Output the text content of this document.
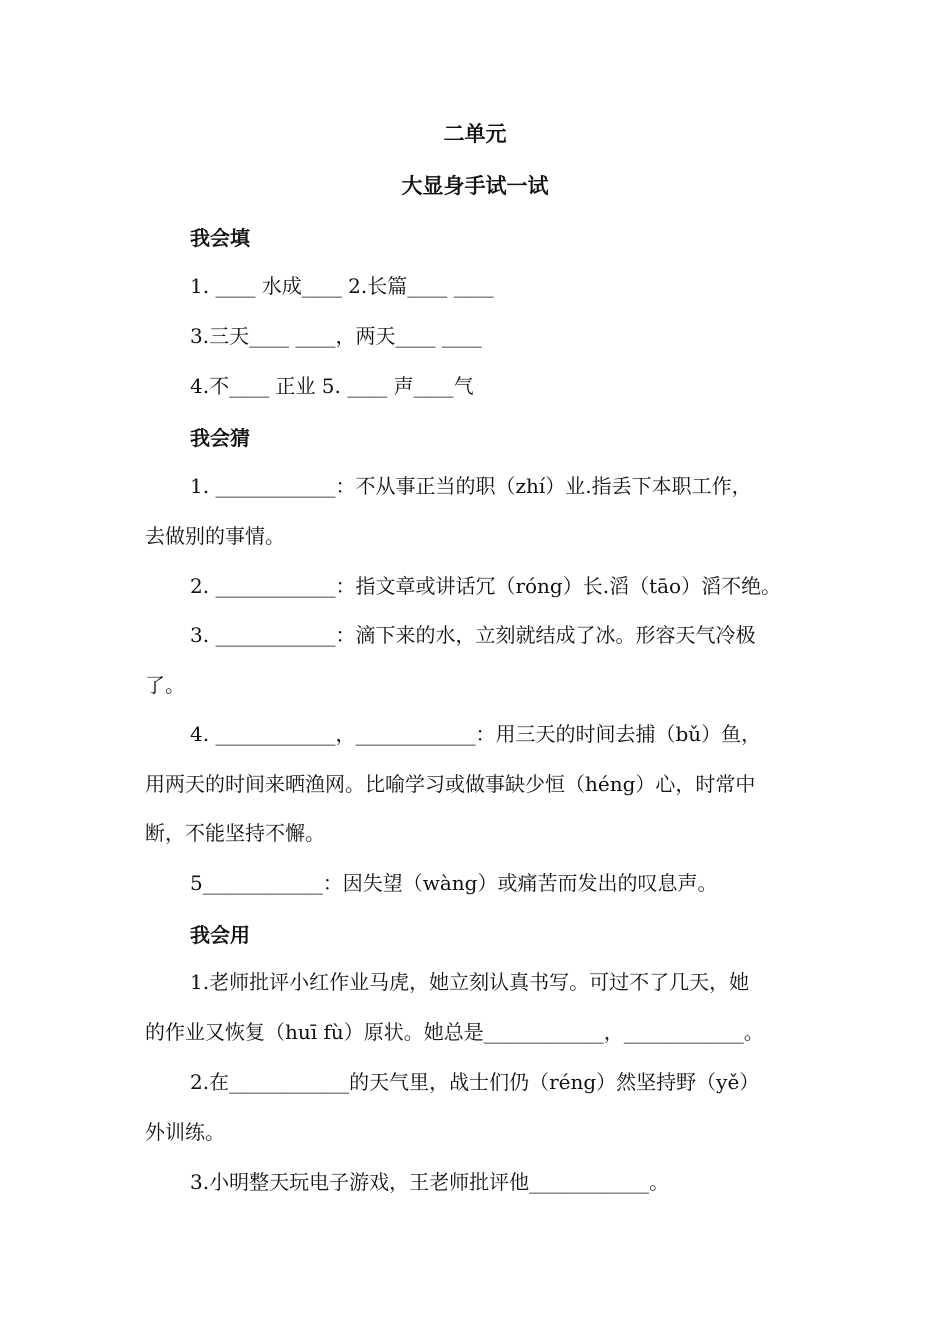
二单元
大显身手试一试
我会填
1. ____ 水成____ 2.长篇____ ____
3.三天____ ____，两天____ ____
4.不____ 正业 5. ____ 声____气
我会猜
1. ____________：不从事正当的职（zhí）业.指丢下本职工作，
去做别的事情。
2. ____________：指文章或讲话冗（róng）长.滔（tāo）滔不绝。
3. ____________：滴下来的水，立刻就结成了冰。形容天气冷极
了。
4. ____________，____________：用三天的时间去捕（bǔ）鱼，
用两天的时间来晒渔网。比喻学习或做事缺少恒（héng）心，时常中
断，不能坚持不懈。
5____________：因失望（wàng）或痛苦而发出的叹息声。
我会用
1.老师批评小红作业马虎，她立刻认真书写。可过不了几天，她
的作业又恢复（huī fù）原状。她总是____________，____________。
2.在____________的天气里，战士们仍（réng）然坚持野（yě）
外训练。
3.小明整天玩电子游戏，王老师批评他____________。
